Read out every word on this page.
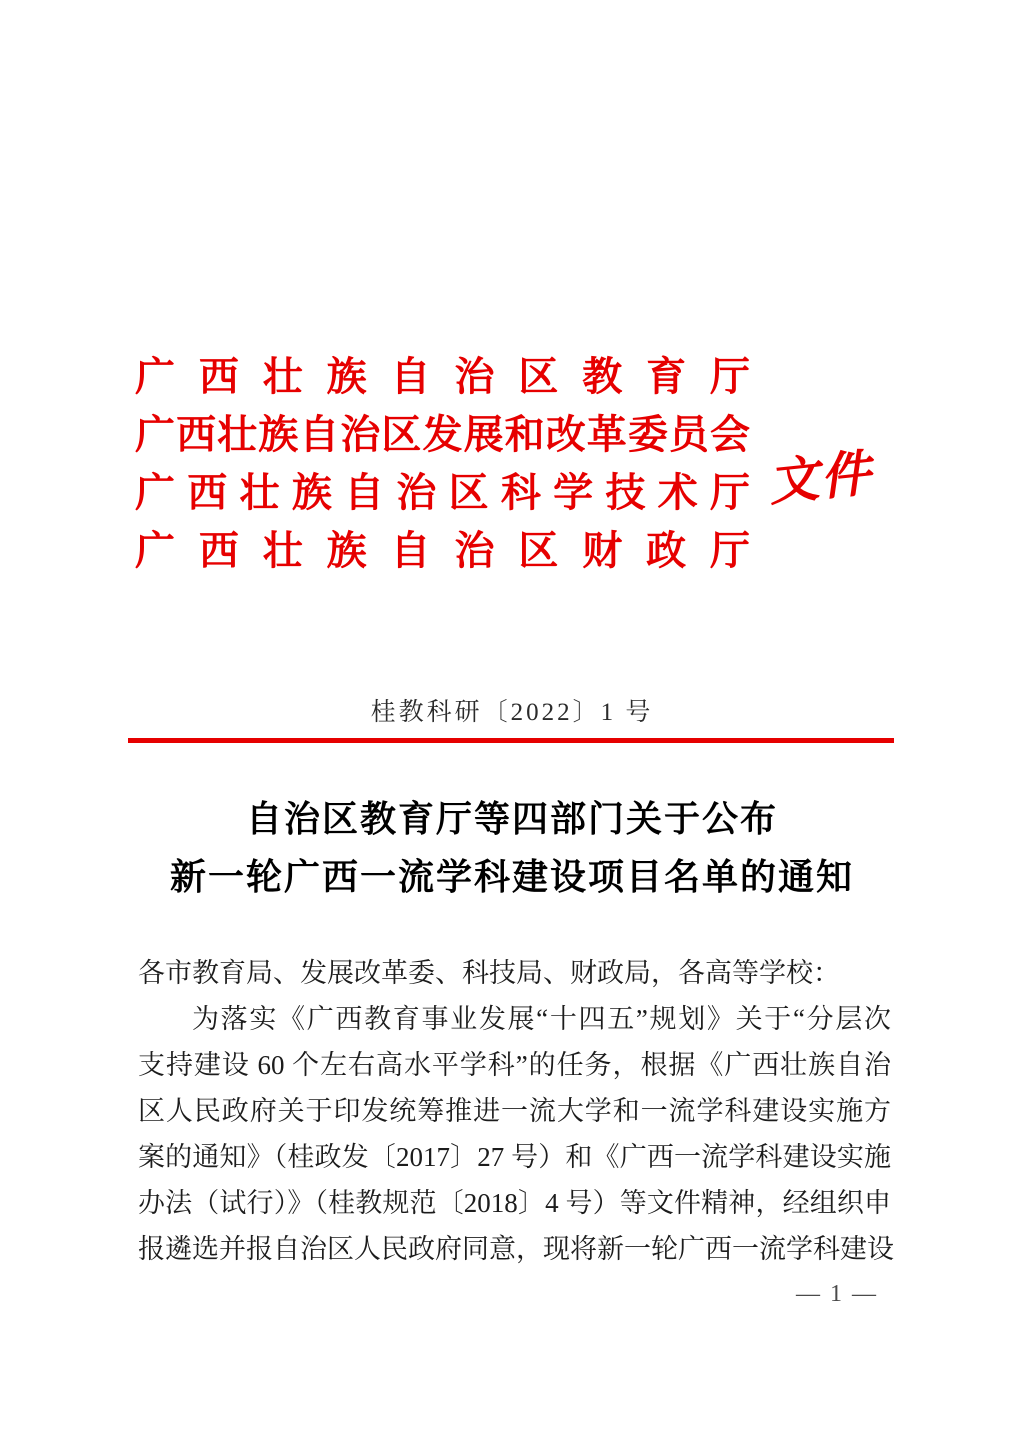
广西壮族自治区教育厅
广西壮族自治区发展和改革委员会
广西壮族自治区科学技术厅
广西壮族自治区财政厅
文件
桂教科研〔2022〕1 号
自治区教育厅等四部门关于公布
新一轮广西一流学科建设项目名单的通知
各市教育局、发展改革委、科技局、财政局，各高等学校：
为落实《广西教育事业发展“十四五”规划》关于“分层次
支持建设 60 个左右高水平学科”的任务，根据《广西壮族自治
区人民政府关于印发统筹推进一流大学和一流学科建设实施方
案的通知》（桂政发〔2017〕27 号）和《广西一流学科建设实施
办法（试行）》（桂教规范〔2018〕4 号）等文件精神，经组织申
报遴选并报自治区人民政府同意，现将新一轮广西一流学科建设
— 1 —
